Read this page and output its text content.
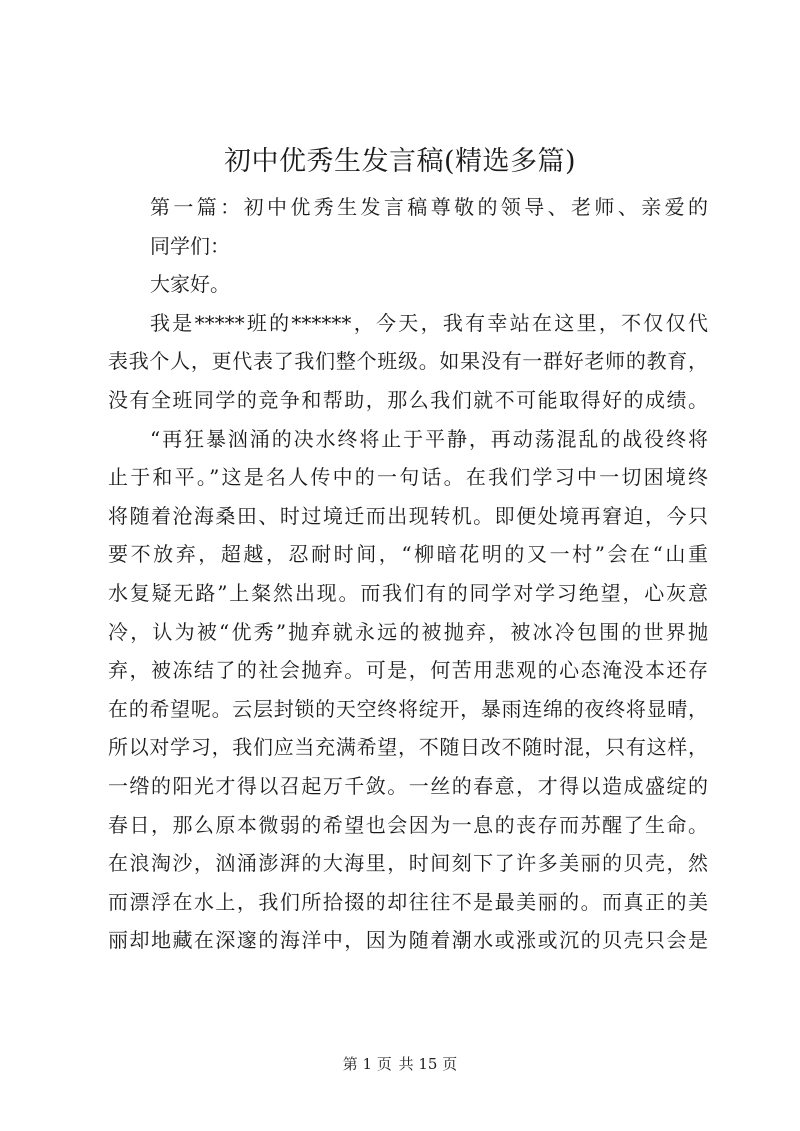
初中优秀生发言稿(精选多篇)
第一篇：初中优秀生发言稿尊敬的领导、老师、亲爱的
同学们：
大家好。
我是*****班的******，今天，我有幸站在这里，不仅仅代
表我个人，更代表了我们整个班级。如果没有一群好老师的教育，
没有全班同学的竞争和帮助，那么我们就不可能取得好的成绩。
“再狂暴汹涌的决水终将止于平静，再动荡混乱的战役终将
止于和平。”这是名人传中的一句话。在我们学习中一切困境终
将随着沧海桑田、时过境迁而出现转机。即便处境再窘迫，今只
要不放弃，超越，忍耐时间，“柳暗花明的又一村”会在“山重
水复疑无路”上粲然出现。而我们有的同学对学习绝望，心灰意
冷，认为被“优秀”抛弃就永远的被抛弃，被冰冷包围的世界抛
弃，被冻结了的社会抛弃。可是，何苦用悲观的心态淹没本还存
在的希望呢。云层封锁的天空终将绽开，暴雨连绵的夜终将显晴，
所以对学习，我们应当充满希望，不随日改不随时混，只有这样，
一绺的阳光才得以召起万千敛。一丝的春意，才得以造成盛绽的
春日，那么原本微弱的希望也会因为一息的丧存而苏醒了生命。
在浪淘沙，汹涌澎湃的大海里，时间刻下了许多美丽的贝壳，然
而漂浮在水上，我们所拾掇的却往往不是最美丽的。而真正的美
丽却地藏在深邃的海洋中，因为随着潮水或涨或沉的贝壳只会是
第 1 页 共 15 页
